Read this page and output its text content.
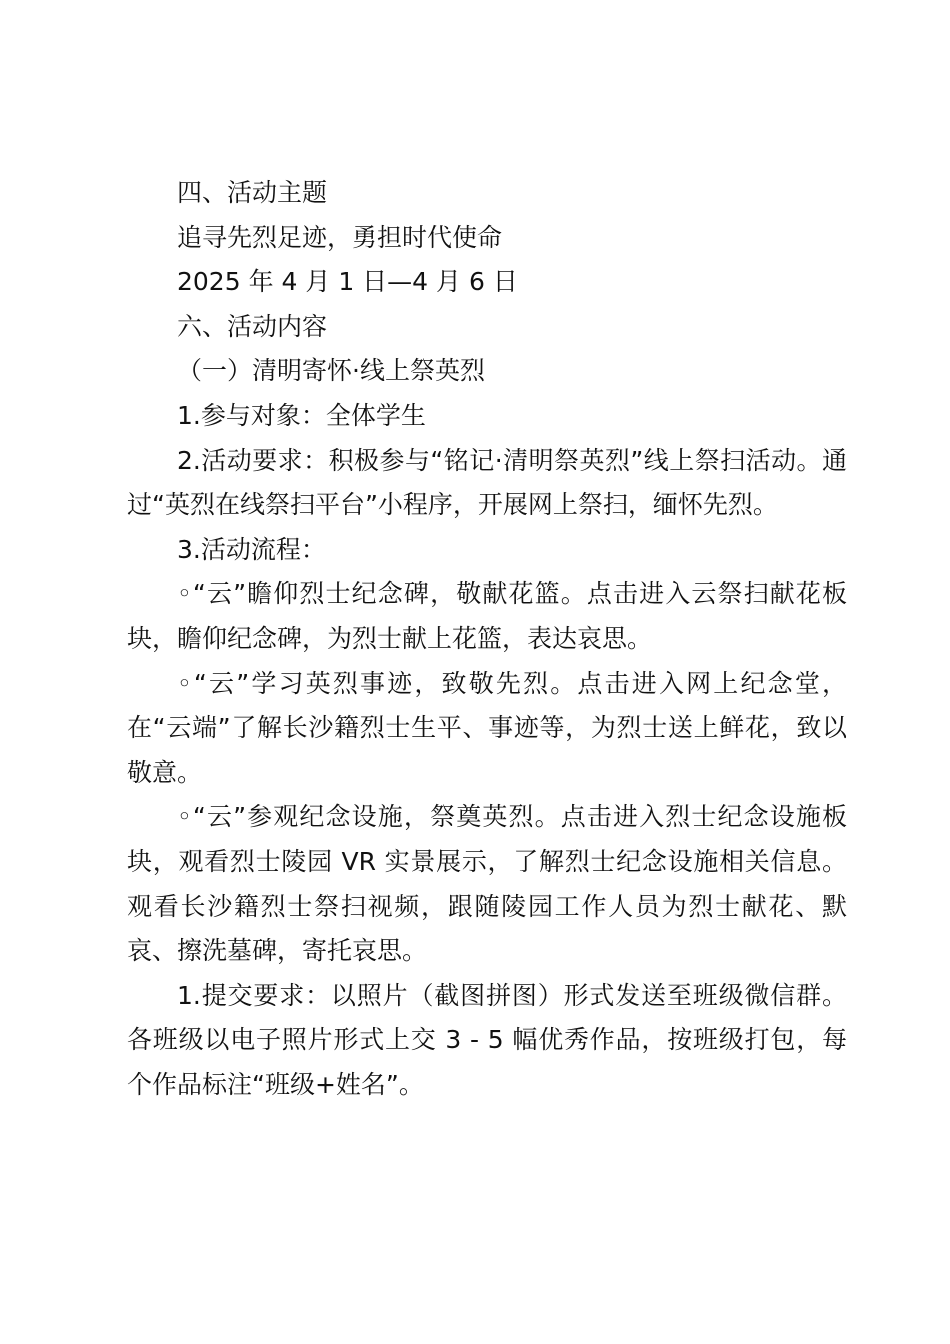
四、活动主题

追寻先烈足迹，勇担时代使命

2025 年 4 月 1 日—4 月 6 日

六、活动内容

（一）清明寄怀·线上祭英烈

1.参与对象：全体学生

2.活动要求：积极参与“铭记·清明祭英烈”线上祭扫活动。通过“英烈在线祭扫平台”小程序，开展网上祭扫，缅怀先烈。

3.活动流程：

◦“云”瞻仰烈士纪念碑，敬献花篮。点击进入云祭扫献花板块，瞻仰纪念碑，为烈士献上花篮，表达哀思。

◦“云”学习英烈事迹，致敬先烈。点击进入网上纪念堂，在“云端”了解长沙籍烈士生平、事迹等，为烈士送上鲜花，致以敬意。

◦“云”参观纪念设施，祭奠英烈。点击进入烈士纪念设施板块，观看烈士陵园 VR 实景展示，了解烈士纪念设施相关信息。观看长沙籍烈士祭扫视频，跟随陵园工作人员为烈士献花、默哀、擦洗墓碑，寄托哀思。

1.提交要求：以照片（截图拼图）形式发送至班级微信群。各班级以电子照片形式上交 3 - 5 幅优秀作品，按班级打包，每个作品标注“班级+姓名”。
